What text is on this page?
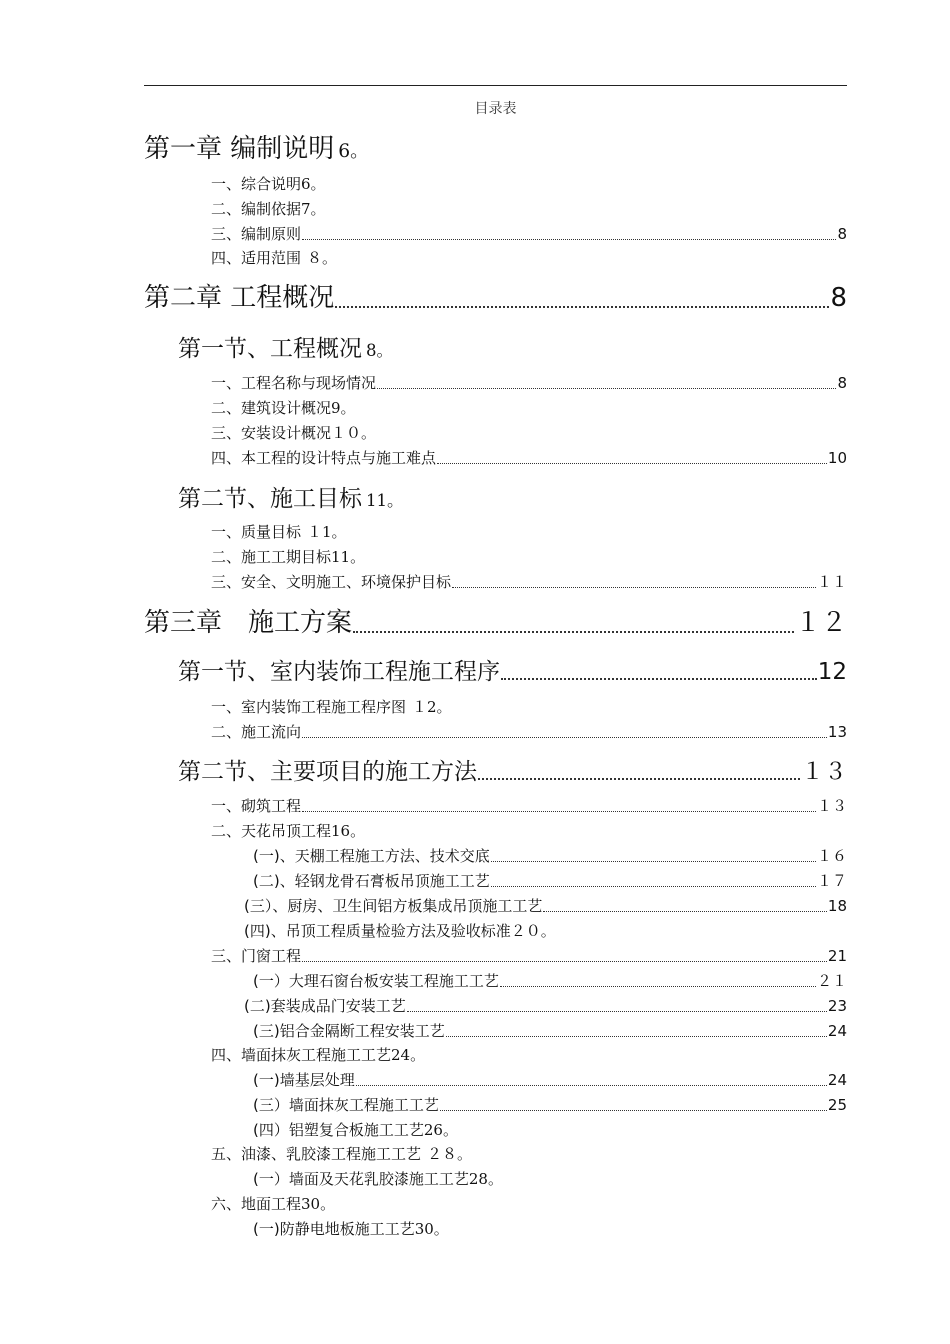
目录表
第一章 编制说明 6。
一、综合说明 6。
二、编制依据 7。
三、编制原则	8
四、适用范围 ８。
第二章 工程概况	8
第一节、工程概况 8。
一、工程名称与现场情况	8
二、建筑设计概况 9。
三、安装设计概况 １０。
四、本工程的设计特点与施工难点	10
第二节、施工目标 11。
一、质量目标 １1。
二、施工工期目标 11。
三、安全、文明施工、环境保护目标	１１
第三章　施工方案	１２
第一节、室内装饰工程施工程序	12
一、室内装饰工程施工程序图 １2。
二、施工流向	13
第二节、主要项目的施工方法	１３
一、砌筑工程	１３
二、天花吊顶工程 16。
(一)、天棚工程施工方法、技术交底	１６
(二)、轻钢龙骨石膏板吊顶施工工艺	１７
(三）、厨房、卫生间铝方板集成吊顶施工工艺	18
(四)、吊顶工程质量检验方法及验收标准 ２０。
三、门窗工程	21
(一）大理石窗台板安装工程施工工艺	２１
(二)套装成品门安装工艺	23
(三)铝合金隔断工程安装工艺	24
四、墙面抹灰工程施工工艺 24。
(一)墙基层处理	24
(三）墙面抹灰工程施工工艺	25
(四）铝塑复合板施工工艺 26。
五、油漆、乳胶漆工程施工工艺 ２８。
(一）墙面及天花乳胶漆施工工艺 28。
六、地面工程 30。
(一)防静电地板施工工艺 30。
